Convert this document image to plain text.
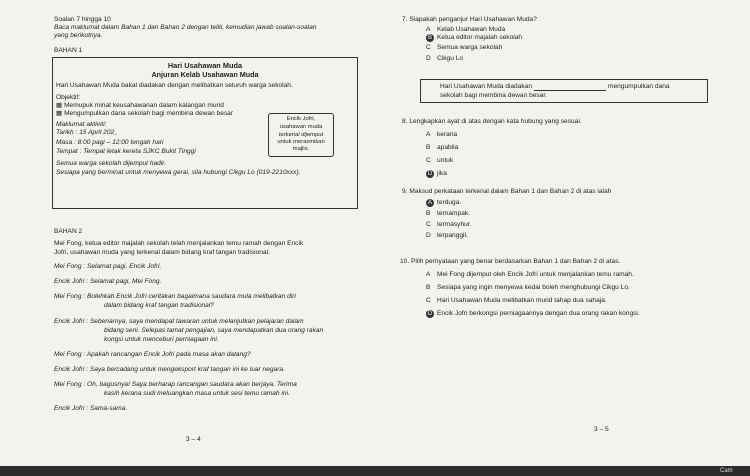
Soalan 7 hingga 10
Baca maklumat dalam Bahan 1 dan Bahan 2 dengan teliti, kemudian jawab soalan-soalan
yang berikutnya.
BAHAN 1
Hari Usahawan Muda
Anjuran Kelab Usahawan Muda
Hari Usahawan Muda bakal diadakan dengan melibatkan seluruh warga sekolah.
Objektif:
▦ Memupuk minat keusahawanan dalam kalangan murid
▦ Mengumpulkan dana sekolah bagi membina dewan besar
Maklumat aktiviti:
Tarikh : 15 April 202_
Masa : 8:00 pagi – 12:00 tengah hari
Tempat : Tempat letak kereta SJKC Bukit Tinggi
Encik Jofri,
usahawan muda
terkenal dijemput
untuk merasmikan
majlis.
Semua warga sekolah dijemput hadir.
Sesiapa yang berminat untuk menyewa gerai, sila hubungi Cikgu Lo (019-2210xxx).
BAHAN 2
Mei Fong, ketua editor majalah sekolah telah menjalankan temu ramah dengan Encik
Jofri, usahawan muda yang terkenal dalam bidang kraf tangan tradisional.
Mei Fong : Selamat pagi, Encik Jofri.
Encik Jofri : Selamat pagi, Mei Fong.
Mei Fong : Bolehkah Encik Jofri ceritakan bagaimana saudara mula melibatkan diri
dalam bidang kraf tangan tradisional?
Encik Jofri : Sebenarnya, saya mendapat tawaran untuk melanjutkan pelajaran dalam
bidang seni. Selepas tamat pengajian, saya mendapatkan dua orang rakan
kongsi untuk menceburi perniagaan ini.
Mei Fong : Apakah rancangan Encik Jofri pada masa akan datang?
Encik Jofri : Saya bercadang untuk mengeksport kraf tangan ini ke luar negara.
Mei Fong : Oh, bagusnya! Saya berharap rancangan saudara akan berjaya. Terima
kasih kerana sudi meluangkan masa untuk sesi temu ramah ini.
Encik Jofri : Sama-sama.
3 – 4
7. Siapakah penganjur Hari Usahawan Muda?
A Kelab Usahawan Muda
B Ketua editor majalah sekolah
C Semua warga sekolah
D Cikgu Lo
Hari Usahawan Muda diadakan	mengumpulkan dana
sekolah bagi membina dewan besar.
8. Lengkapkan ayat di atas dengan kata hubung yang sesuai.
A kerana
B apabila
C untuk
D jika
9. Maksud perkataan terkenal dalam Bahan 1 dan Bahan 2 di atas ialah
A terduga.
B ternampak.
C termasyhur.
D terpanggil.
10. Pilih pernyataan yang benar berdasarkan Bahan 1 dan Bahan 2 di atas.
A Mei Fong dijemput oleh Encik Jofri untuk menjalankan temu ramah.
B Sesiapa yang ingin menyewa kedai boleh menghubungi Cikgu Lo.
C Hari Usahawan Muda melibatkan murid tahap dua sahaja.
D Encik Jofri berkongsi perniagaannya dengan dua orang rakan kongsi.
3 – 5
Cam
